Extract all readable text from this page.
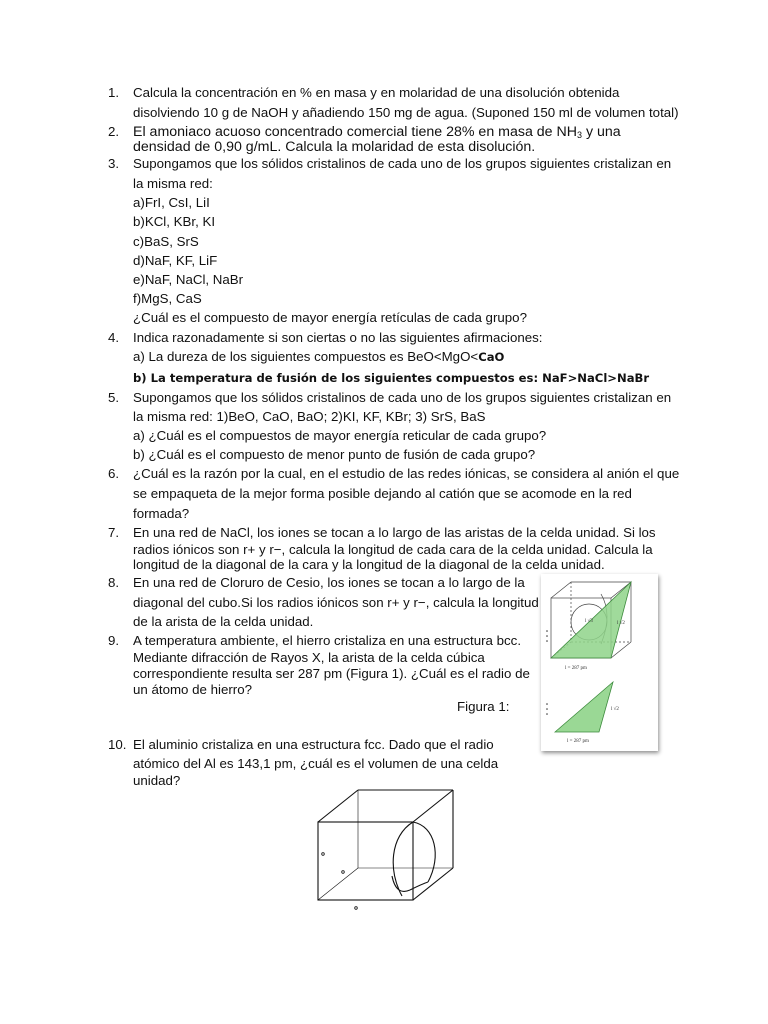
1. Calcula la concentración en % en masa y en molaridad de una disolución obtenida
disolviendo 10 g de NaOH y añadiendo 150 mg de agua. (Suponed 150 ml de volumen total)
2. El amoniaco acuoso concentrado comercial tiene 28% en masa de $NH_3$ y una
densidad de 0,90 g/mL. Calcula la molaridad de esta disolución.
3. Supongamos que los sólidos cristalinos de cada uno de los grupos siguientes cristalizan en
la misma red:
a)FrI, CsI, LiI
b)KCl, KBr, KI
c)BaS, SrS
d)NaF, KF, LiF
e)NaF, NaCl, NaBr
f)MgS, CaS
¿Cuál es el compuesto de mayor energía retículas de cada grupo?
4. Indica razonadamente si son ciertas o no las siguientes afirmaciones:
a) La dureza de los siguientes compuestos es BeO<MgO<CaO
b) La temperatura de fusión de los siguientes compuestos es: NaF>NaCl>NaBr
5. Supongamos que los sólidos cristalinos de cada uno de los grupos siguientes cristalizan en
la misma red: 1)BeO, CaO, BaO; 2)KI, KF, KBr; 3) SrS, BaS
a) ¿Cuál es el compuestos de mayor energía reticular de cada grupo?
b) ¿Cuál es el compuesto de menor punto de fusión de cada grupo?
6. ¿Cuál es la razón por la cual, en el estudio de las redes iónicas, se considera al anión el que
se empaqueta de la mejor forma posible dejando al catión que se acomode en la red
formada?
7. En una red de NaCl, los iones se tocan a lo largo de las aristas de la celda unidad. Si los
radios iónicos son r+ y r−, calcula la longitud de cada cara de la celda unidad. Calcula la
longitud de la diagonal de la cara y la longitud de la diagonal de la celda unidad.
8. En una red de Cloruro de Cesio, los iones se tocan a lo largo de la
diagonal del cubo.Si los radios iónicos son r+ y r−, calcula la longitud
de la arista de la celda unidad.
9. A temperatura ambiente, el hierro cristaliza en una estructura bcc.
Mediante difracción de Rayos X, la arista de la celda cúbica
correspondiente resulta ser 287 pm (Figura 1). ¿Cuál es el radio de
un átomo de hierro?
Figura 1:
l = 287 pm
l √2
l √3
l = 287 pm
l √2
10. El aluminio cristaliza en una estructura fcc. Dado que el radio
atómico del Al es 143,1 pm, ¿cuál es el volumen de una celda
unidad?
